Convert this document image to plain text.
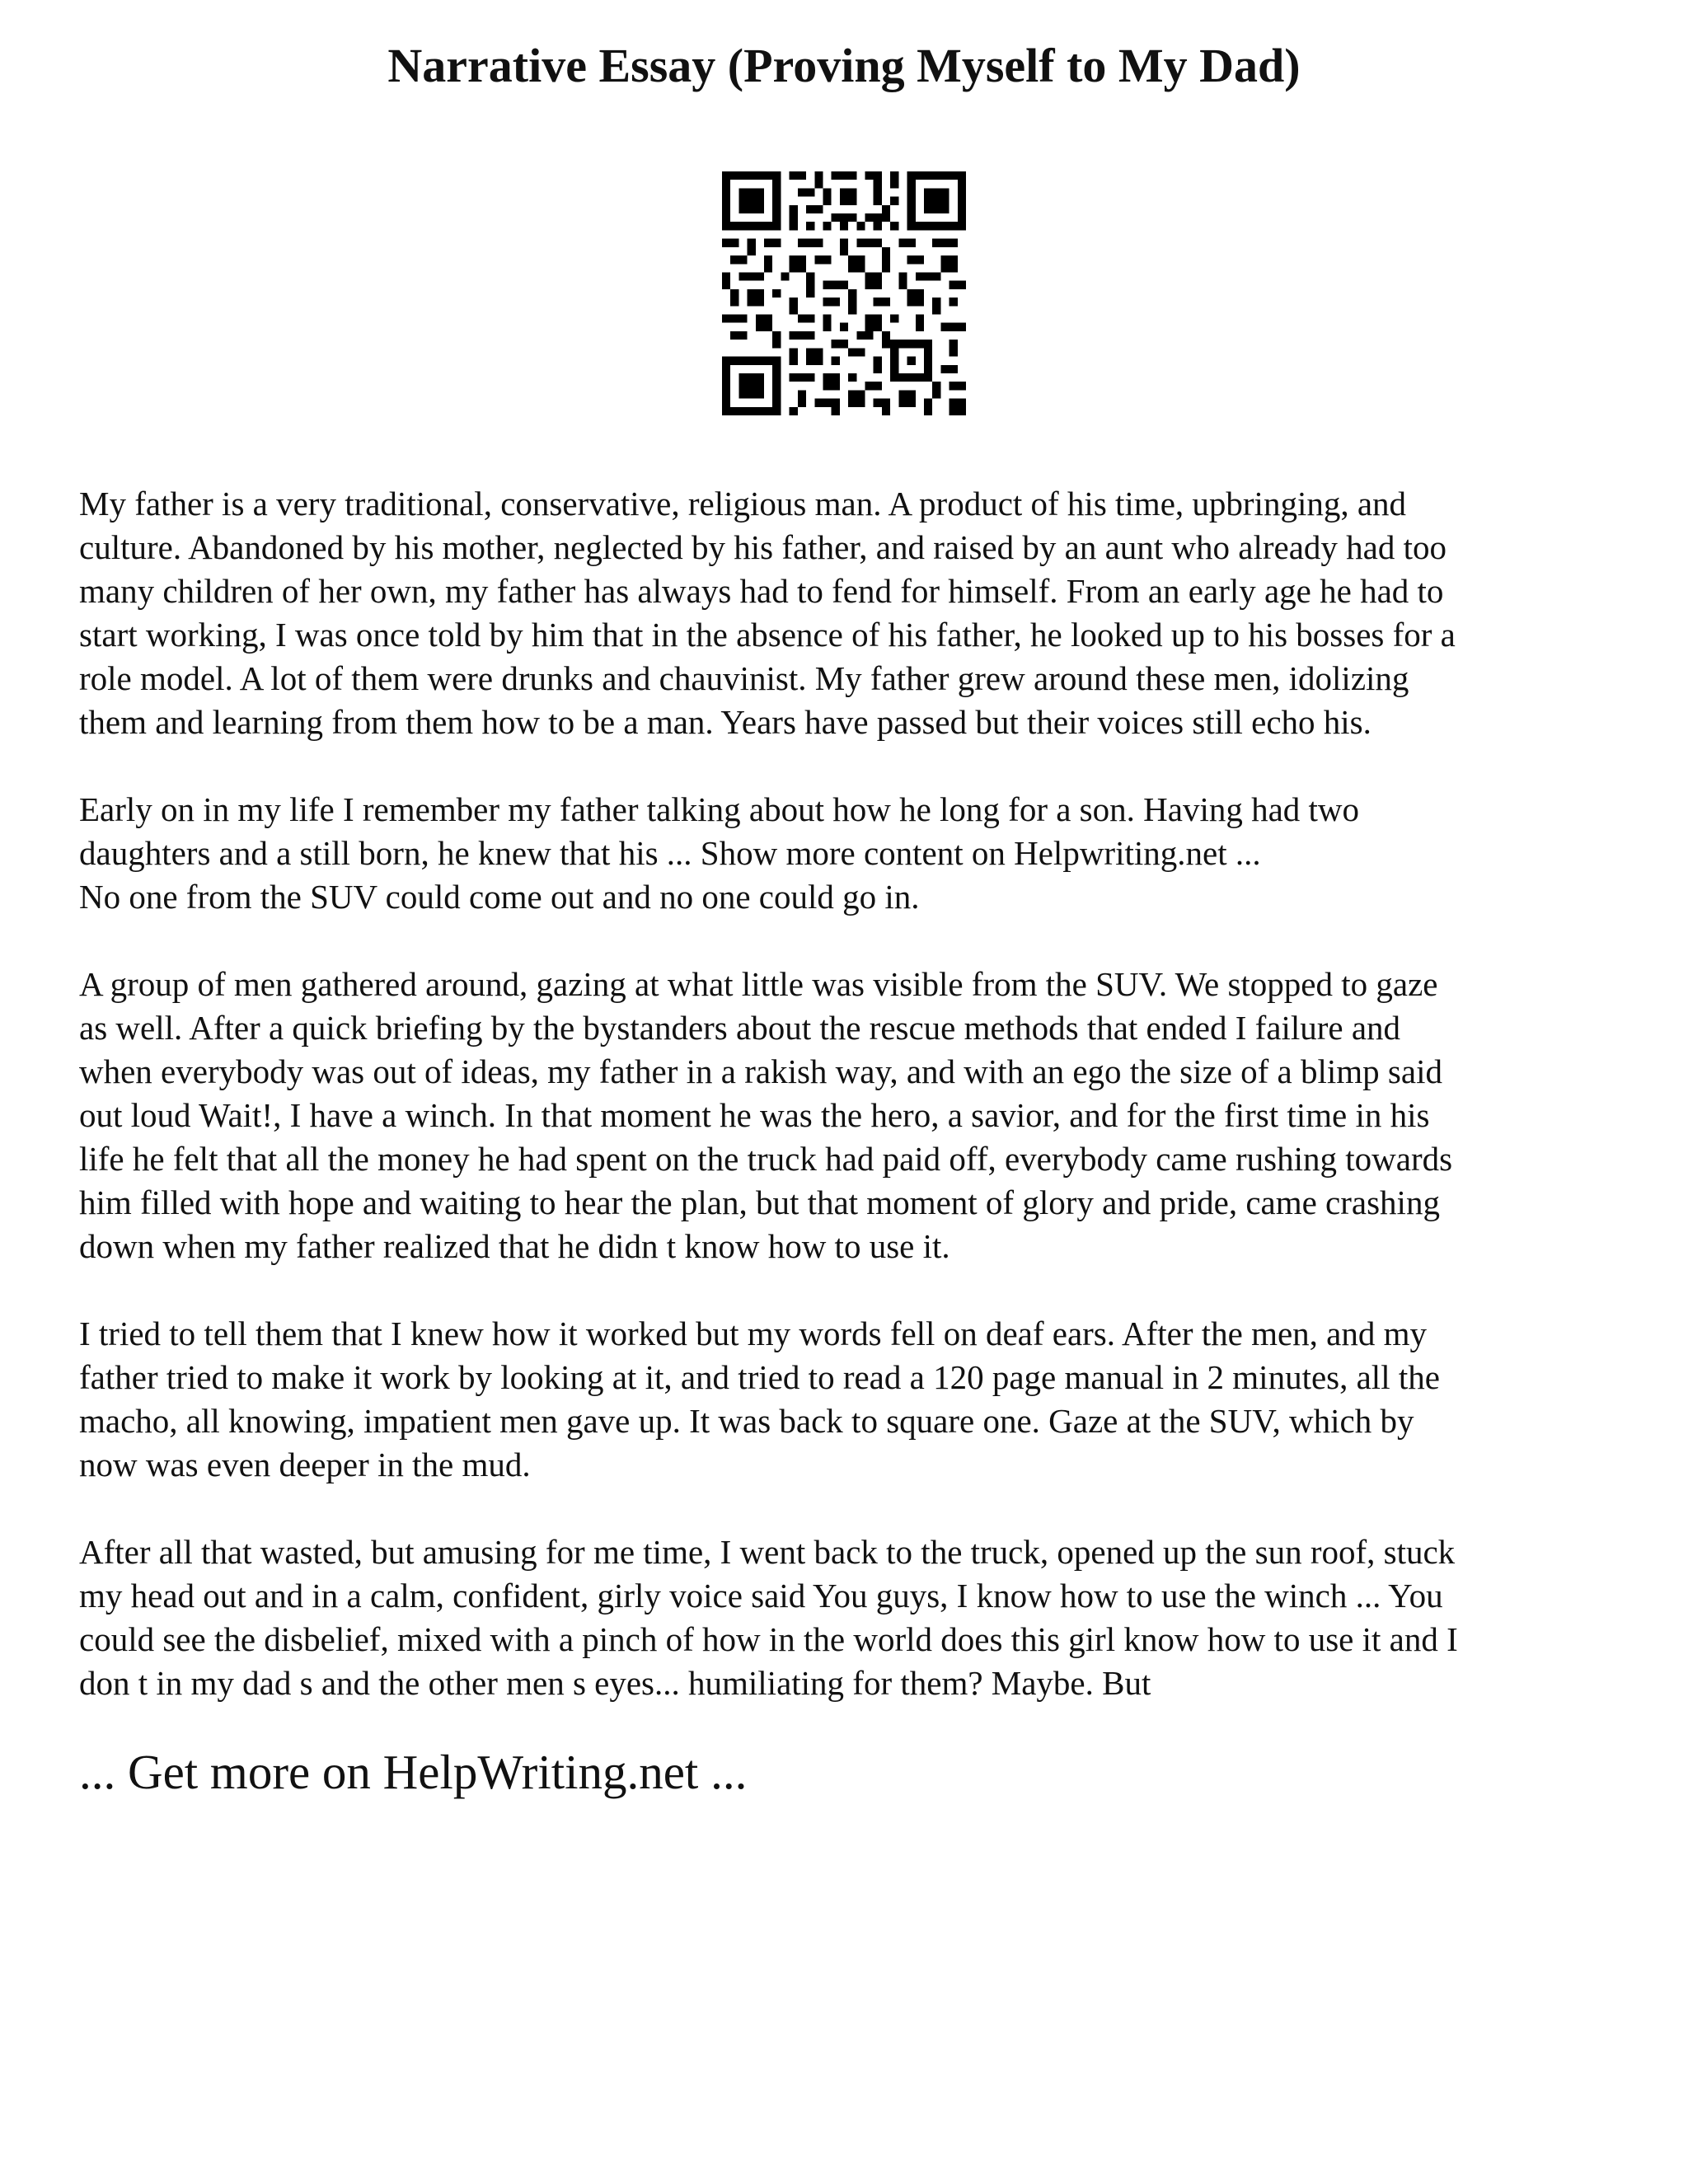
Narrative Essay (Proving Myself to My Dad)

My father is a very traditional, conservative, religious man. A product of his time, upbringing, and
culture. Abandoned by his mother, neglected by his father, and raised by an aunt who already had too
many children of her own, my father has always had to fend for himself. From an early age he had to
start working, I was once told by him that in the absence of his father, he looked up to his bosses for a
role model. A lot of them were drunks and chauvinist. My father grew around these men, idolizing
them and learning from them how to be a man. Years have passed but their voices still echo his.

Early on in my life I remember my father talking about how he long for a son. Having had two
daughters and a still born, he knew that his ... Show more content on Helpwriting.net ...
No one from the SUV could come out and no one could go in.

A group of men gathered around, gazing at what little was visible from the SUV. We stopped to gaze
as well. After a quick briefing by the bystanders about the rescue methods that ended I failure and
when everybody was out of ideas, my father in a rakish way, and with an ego the size of a blimp said
out loud Wait!, I have a winch. In that moment he was the hero, a savior, and for the first time in his
life he felt that all the money he had spent on the truck had paid off, everybody came rushing towards
him filled with hope and waiting to hear the plan, but that moment of glory and pride, came crashing
down when my father realized that he didn t know how to use it.

I tried to tell them that I knew how it worked but my words fell on deaf ears. After the men, and my
father tried to make it work by looking at it, and tried to read a 120 page manual in 2 minutes, all the
macho, all knowing, impatient men gave up. It was back to square one. Gaze at the SUV, which by
now was even deeper in the mud.

After all that wasted, but amusing for me time, I went back to the truck, opened up the sun roof, stuck
my head out and in a calm, confident, girly voice said You guys, I know how to use the winch ... You
could see the disbelief, mixed with a pinch of how in the world does this girl know how to use it and I
don t in my dad s and the other men s eyes... humiliating for them? Maybe. But

... Get more on HelpWriting.net ...
